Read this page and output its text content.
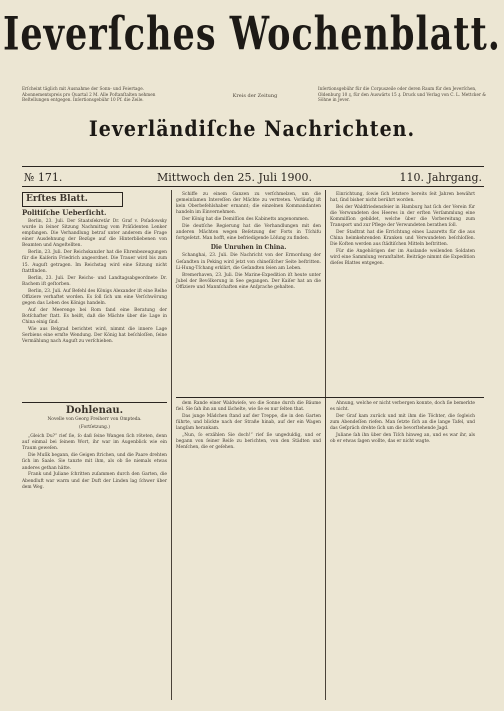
Ieverſches Wochenblatt.
Erſcheint täglich mit Ausnahme der Sonn- und Feiertage. Abonnementspreis pro Quartal 2 M. Alle Poſtanſtalten nehmen Beſtellungen entgegen. Inſertionsgebühr 10 Pf. die Zeile.
Kreis der Zeitung
Inſertionsgebühr für die Corpuszeile oder deren Raum für den Jeverſchen, Oldenburg 10 ₰, für den Auswärts 15 ₰. Druck und Verlag von C. L. Mettcker & Söhne in Jever.
Ieverländiſche Nachrichten.
№ 171.	Mittwoch den 25. Juli 1900.	110. Jahrgang.
Erſtes Blatt.
Politiſche Ueberſicht.

Berlin, 23. Juli. Der Staatsſekretär Dr. Graf v. Poſadowsky wurde in ſeiner Sitzung Nachmittag vom Präſidenten Lenker empfangen. Die Verhandlung betraf unter anderem die Frage einer Ausdehnung der Bezüge auf die Hinterbliebenen von Beamten und Angeſtellten.

Berlin, 23. Juli. Der Reichskanzler hat die Ehrenbezeugungen für die Kaiſerin Friedrich angeordnet. Die Trauer wird bis zum 15. Auguſt getragen. Im Reichstag wird eine Sitzung nicht ſtattfinden.

Berlin, 23. Juli. Der Reichs- und Landtagsabgeordnete Dr. Bachem iſt geſtorben.

Berlin, 23. Juli. Auf Befehl des Königs Alexander iſt eine Reihe Offiziere verhaftet worden. Es ſoll ſich um eine Verſchwörung gegen das Leben des Königs handeln.

Auf der Meerenge bei Rom fand eine Beratung der Botſchafter ſtatt. Es heißt, daß die Mächte über die Lage in China einig ſind.

Wie aus Belgrad berichtet wird, nimmt die innere Lage Serbiens eine ernſte Wendung. Der König hat beſchloſſen, ſeine Vermählung nach Auguſt zu verſchieben.

Schiffe zu einem Ganzen zu verſchmelzen, um die gemeinſamen Intereſſen der Mächte zu vertreten. Vorläufig iſt kein Oberbefehlshaber ernannt; die einzelnen Kommandanten handeln im Einvernehmen.

Der König hat die Demiſſion des Kabinetts angenommen.

Die deutſche Regierung hat die Verhandlungen mit den anderen Mächten wegen Beſetzung der Forts in Tſchifu fortgeſetzt. Man hofft, eine befriedigende Löſung zu finden.

Die Unruhen in China.

Schanghai, 23. Juli. Die Nachricht von der Ermordung der Geſandten in Peking wird jetzt von chineſiſcher Seite beſtritten. Li-Hung-Tſchang erklärt, die Geſandten ſeien am Leben.

Bremerhaven, 23. Juli. Die Marine-Expedition iſt heute unter Jubel der Bevölkerung in See gegangen. Der Kaiſer hat an die Offiziere und Mannſchaften eine Anſprache gehalten.

Einrichtung, ſowie ſich letztere bereits ſeit Jahren bewährt hat, ſind bisher nicht berührt worden.

Bei der Waldfriedensfeier in Hamburg hat ſich der Verein für die Verwundeten des Heeres in der erſten Verſammlung eine Kommiſſion gebildet, welche über die Vorbereitung zum Transport und zur Pflege der Verwundeten berathen ſoll.

Der Stadtrat hat die Errichtung eines Lazaretts für die aus China heimkehrenden Kranken und Verwundeten beſchloſſen. Die Koſten werden aus ſtädtiſchen Mitteln beſtritten.

Für die Angehörigen der im Auslande weilenden Soldaten wird eine Sammlung veranſtaltet. Beiträge nimmt die Expedition dieſes Blattes entgegen.

Dohlenau.
Novelle von Georg Freiherr von Ompteda.
(Fortſetzung.)

„Gleich Du?“ rief ſie, ſo daß ſeine Wangen ſich röteten, denn auf einmal bei ſeinem Wort, ihr war im Augenblick wie ein Traum geweſen.

Die Muſik begann, die Geigen ſtrichen, und die Paare drehten ſich im Saale. Sie tanzte mit ihm, als ob ſie niemals etwas anderes gethan hätte.

Frank und Juliane ſchritten zuſammen durch den Garten, die Abendluft war warm und der Duft der Linden lag ſchwer über dem Weg.

dem Rande einer Waldwieſe, wo die Sonne durch die Bäume fiel. Sie ſah ihn an und lächelte, wie ſie es nur ſelten that.

Das junge Mädchen ſtand auf der Treppe, die in den Garten führte, und blickte nach der Straße hinab, auf der ein Wagen langſam herankam.

„Nun, ſo erzählen Sie doch!“ rief ſie ungeduldig, und er begann von ſeiner Reiſe zu berichten, von den Städten und Menſchen, die er geſehen.

Ahnung, welche er nicht verbergen konnte, doch ſie bemerkte es nicht.

Der Graf kam zurück und mit ihm die Töchter, die ſogleich zum Abendeſſen riefen. Man ſetzte ſich an die lange Tafel, und das Geſpräch drehte ſich um die bevorſtehende Jagd.

Juliane ſah ihn über den Tiſch hinweg an, und es war ihr, als ob er etwas ſagen wollte, das er nicht wagte.
